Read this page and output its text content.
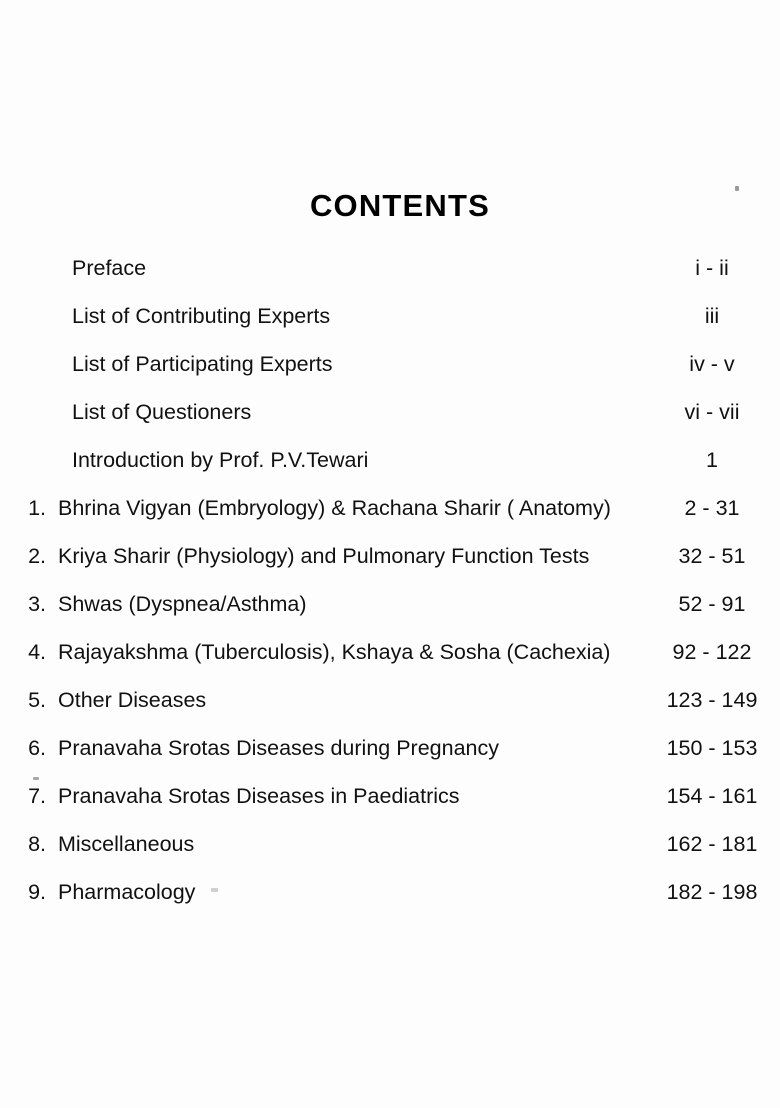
CONTENTS
Preface	i - ii
List of Contributing Experts	iii
List of Participating Experts	iv - v
List of Questioners	vi - vii
Introduction by Prof. P.V.Tewari	1
1. Bhrina Vigyan (Embryology) & Rachana Sharir ( Anatomy)	2 - 31
2. Kriya Sharir (Physiology) and Pulmonary Function Tests	32 - 51
3. Shwas (Dyspnea/Asthma)	52 - 91
4. Rajayakshma (Tuberculosis), Kshaya & Sosha (Cachexia)	92 - 122
5. Other Diseases	123 - 149
6. Pranavaha Srotas Diseases during Pregnancy	150 - 153
7. Pranavaha Srotas Diseases in Paediatrics	154 - 161
8. Miscellaneous	162 - 181
9. Pharmacology	182 - 198
